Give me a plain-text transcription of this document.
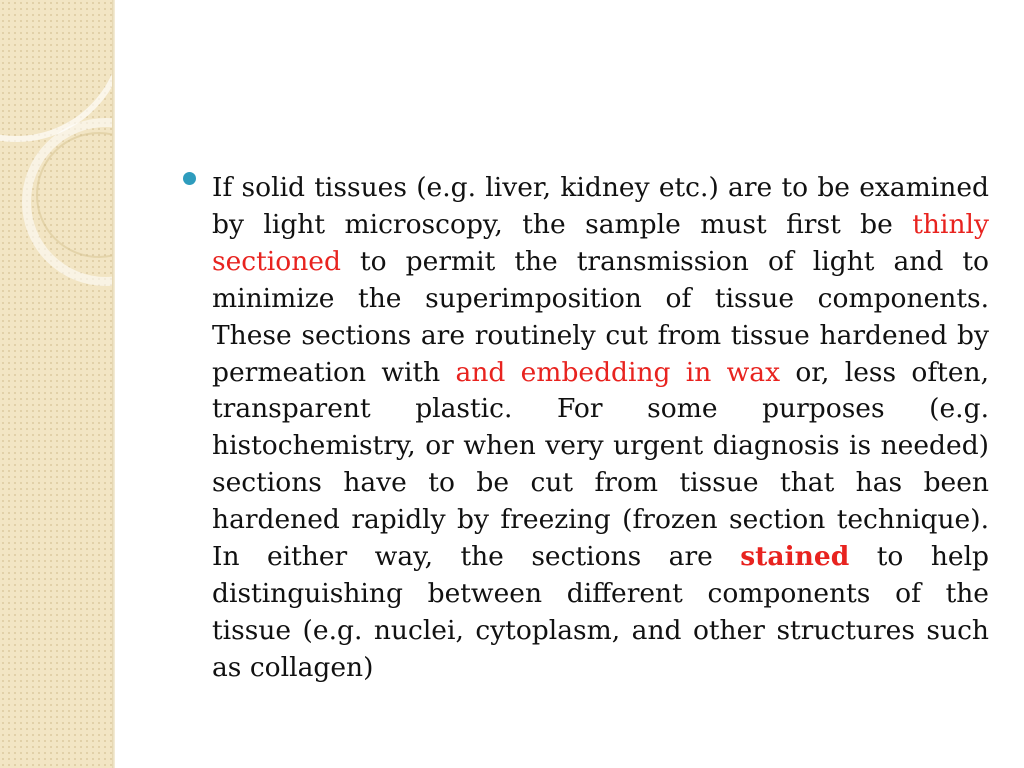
If solid tissues (e.g. liver, kidney etc.) are to be examined by light microscopy, the sample must first be thinly sectioned to permit the transmission of light and to minimize the superimposition of tissue components. These sections are routinely cut from tissue hardened by permeation with and embedding in wax or, less often, transparent plastic. For some purposes (e.g. histochemistry, or when very urgent diagnosis is needed) sections have to be cut from tissue that has been hardened rapidly by freezing (frozen section technique). In either way, the sections are stained to help distinguishing between different components of the tissue (e.g. nuclei, cytoplasm, and other structures such as collagen)
